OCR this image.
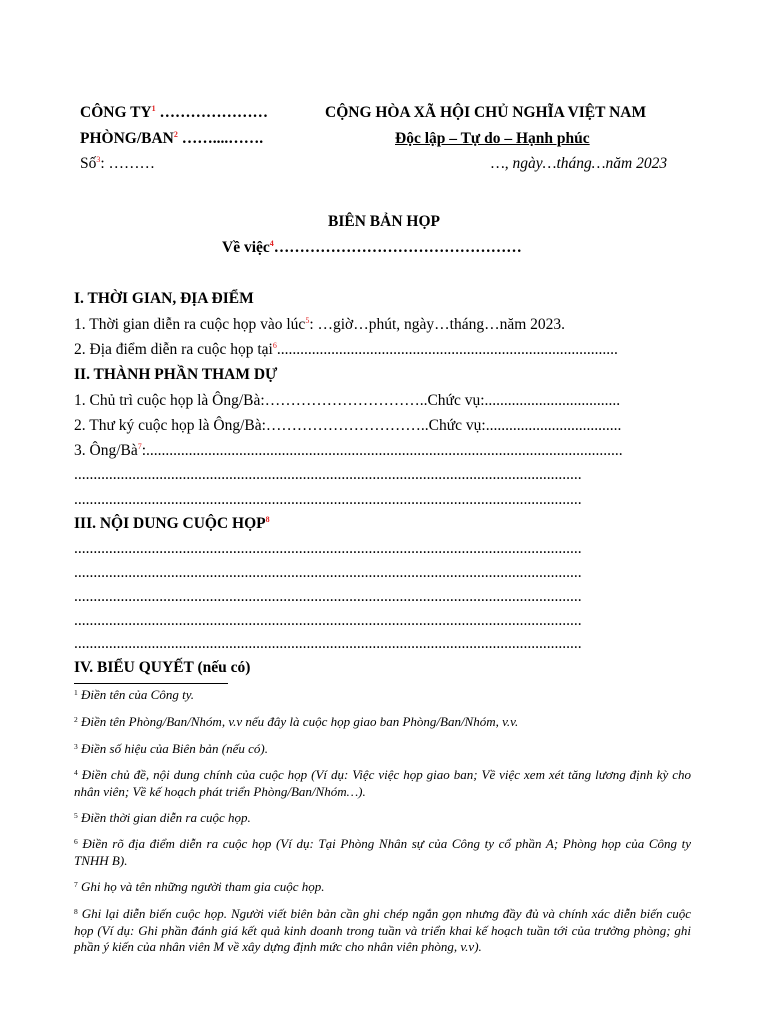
CÔNG TY$^1$ …………………
PHÒNG/BAN$^2$ ……....…….
Số$^3$: ………
CỘNG HÒA XÃ HỘI CHỦ NGHĨA VIỆT NAM
Độc lập – Tự do – Hạnh phúc
…, ngày…tháng…năm 2023
BIÊN BẢN HỌP
Về việc$^4$…………………………………………
I. THỜI GIAN, ĐỊA ĐIỂM
1. Thời gian diễn ra cuộc họp vào lúc$^5$: …giờ…phút, ngày…tháng…năm 2023.
2. Địa điểm diễn ra cuộc họp tại$^6$........................................................................................
II. THÀNH PHẦN THAM DỰ
1. Chủ trì cuộc họp là Ông/Bà:…………………………..Chức vụ:...................................
2. Thư ký cuộc họp là Ông/Bà:…………………………..Chức vụ:...................................
3. Ông/Bà$^7$:...........................................................................................................................
...................................................................................................................................
...................................................................................................................................
III. NỘI DUNG CUỘC HỌP$^8$
...................................................................................................................................
...................................................................................................................................
...................................................................................................................................
...................................................................................................................................
...................................................................................................................................
IV. BIỂU QUYẾT (nếu có)
$^1$ Điền tên của Công ty.
$^2$ Điền tên Phòng/Ban/Nhóm, v.v nếu đây là cuộc họp giao ban Phòng/Ban/Nhóm, v.v.
$^3$ Điền số hiệu của Biên bản (nếu có).
$^4$ Điền chủ đề, nội dung chính của cuộc họp (Ví dụ: Việc việc họp giao ban; Về việc xem xét tăng lương định kỳ cho nhân viên; Về kế hoạch phát triển Phòng/Ban/Nhóm…).
$^5$ Điền thời gian diễn ra cuộc họp.
$^6$ Điền rõ địa điểm diễn ra cuộc họp (Ví dụ: Tại Phòng Nhân sự của Công ty cổ phần A; Phòng họp của Công ty TNHH B).
$^7$ Ghi họ và tên những người tham gia cuộc họp.
$^8$ Ghi lại diễn biến cuộc họp. Người viết biên bản cần ghi chép ngắn gọn nhưng đầy đủ và chính xác diễn biến cuộc họp (Ví dụ: Ghi phần đánh giá kết quả kinh doanh trong tuần và triển khai kế hoạch tuần tới của trưởng phòng; ghi phần ý kiến của nhân viên M về xây dựng định mức cho nhân viên phòng, v.v).
